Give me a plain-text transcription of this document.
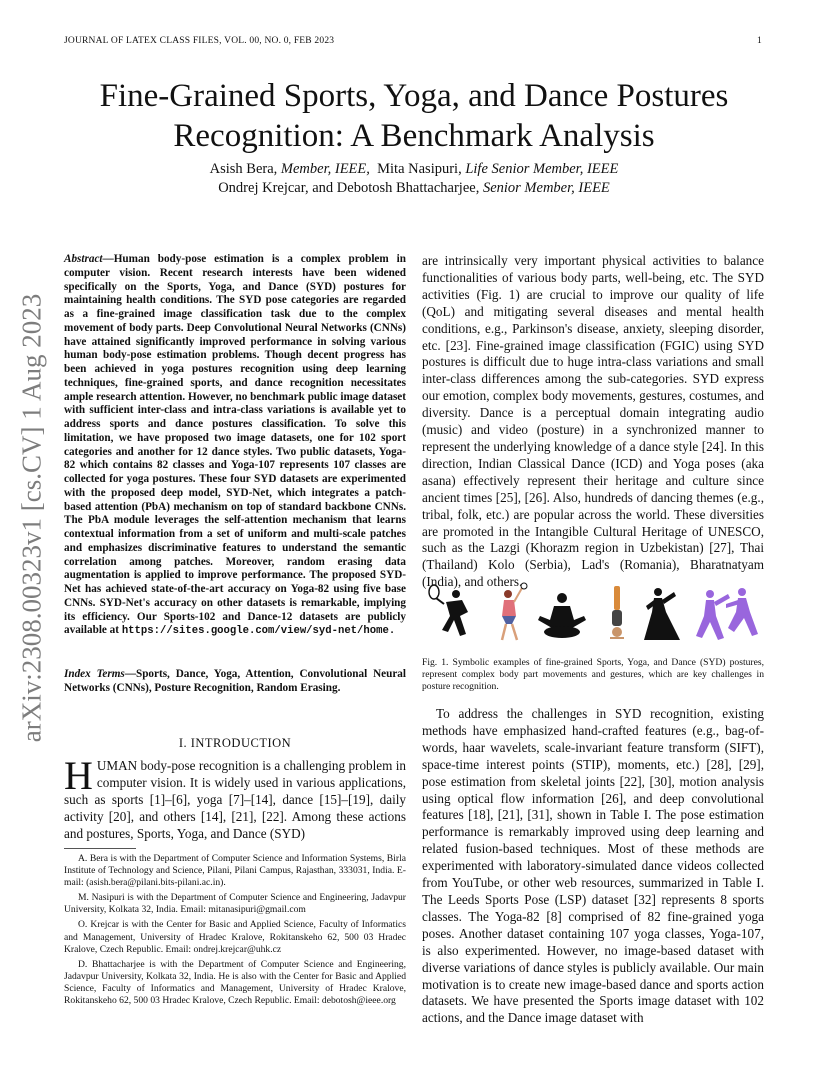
JOURNAL OF LATEX CLASS FILES, VOL. 00, NO. 0, FEB 2023	1
arXiv:2308.00323v1 [cs.CV] 1 Aug 2023
Fine-Grained Sports, Yoga, and Dance Postures Recognition: A Benchmark Analysis
Asish Bera, Member, IEEE, Mita Nasipuri, Life Senior Member, IEEE
Ondrej Krejcar, and Debotosh Bhattacharjee, Senior Member, IEEE
Abstract—Human body-pose estimation is a complex problem in computer vision. Recent research interests have been widened specifically on the Sports, Yoga, and Dance (SYD) postures for maintaining health conditions. The SYD pose categories are regarded as a fine-grained image classification task due to the complex movement of body parts. Deep Convolutional Neural Networks (CNNs) have attained significantly improved performance in solving various human body-pose estimation problems. Though decent progress has been achieved in yoga postures recognition using deep learning techniques, fine-grained sports, and dance recognition necessitates ample research attention. However, no benchmark public image dataset with sufficient inter-class and intra-class variations is available yet to address sports and dance postures classification. To solve this limitation, we have proposed two image datasets, one for 102 sport categories and another for 12 dance styles. Two public datasets, Yoga-82 which contains 82 classes and Yoga-107 represents 107 classes are collected for yoga postures. These four SYD datasets are experimented with the proposed deep model, SYD-Net, which integrates a patch-based attention (PbA) mechanism on top of standard backbone CNNs. The PbA module leverages the self-attention mechanism that learns contextual information from a set of uniform and multi-scale patches and emphasizes discriminative features to understand the semantic correlation among patches. Moreover, random erasing data augmentation is applied to improve performance. The proposed SYD-Net has achieved state-of-the-art accuracy on Yoga-82 using five base CNNs. SYD-Net's accuracy on other datasets is remarkable, implying its efficiency. Our Sports-102 and Dance-12 datasets are publicly available at https://sites.google.com/view/syd-net/home.
Index Terms—Sports, Dance, Yoga, Attention, Convolutional Neural Networks (CNNs), Posture Recognition, Random Erasing.
I. INTRODUCTION
HUMAN body-pose recognition is a challenging problem in computer vision. It is widely used in various applications, such as sports [1]–[6], yoga [7]–[14], dance [15]–[19], daily activity [20], and others [14], [21], [22]. Among these actions and postures, Sports, Yoga, and Dance (SYD)

A. Bera is with the Department of Computer Science and Information Systems, Birla Institute of Technology and Science, Pilani, Pilani Campus, Rajasthan, 333031, India. E-mail: (asish.bera@pilani.bits-pilani.ac.in).

M. Nasipuri is with the Department of Computer Science and Engineering, Jadavpur University, Kolkata 32, India. Email: mitanasipuri@gmail.com

O. Krejcar is with the Center for Basic and Applied Science, Faculty of Informatics and Management, University of Hradec Kralove, Rokitanskeho 62, 500 03 Hradec Kralove, Czech Republic. Email: ondrej.krejcar@uhk.cz

D. Bhattacharjee is with the Department of Computer Science and Engineering, Jadavpur University, Kolkata 32, India. He is also with the Center for Basic and Applied Science, Faculty of Informatics and Management, University of Hradec Kralove, Rokitanskeho 62, 500 03 Hradec Kralove, Czech Republic. Email: debotosh@ieee.org

are intrinsically very important physical activities to balance functionalities of various body parts, well-being, etc. The SYD activities (Fig. 1) are crucial to improve our quality of life (QoL) and mitigating several diseases and mental health conditions, e.g., Parkinson's disease, anxiety, sleeping disorder, etc. [23]. Fine-grained image classification (FGIC) using SYD postures is difficult due to huge intra-class variations and small inter-class differences among the sub-categories. SYD express our emotion, complex body movements, gestures, costumes, and diversity. Dance is a perceptual domain integrating audio (music) and video (posture) in a synchronized manner to represent the underlying knowledge of a dance style [24]. In this direction, Indian Classical Dance (ICD) and Yoga poses (aka asana) effectively represent their heritage and culture since ancient times [25], [26]. Also, hundreds of dancing themes (e.g., tribal, folk, etc.) are popular across the world. These diversities are promoted in the Intangible Cultural Heritage of UNESCO, such as the Lazgi (Khorazm region in Uzbekistan) [27], Thai (Thailand) Kolo (Serbia), Lad's (Romania), Bharatnatyam (India), and others.
Fig. 1. Symbolic examples of fine-grained Sports, Yoga, and Dance (SYD) postures, represent complex body part movements and gestures, which are key challenges in posture recognition.
To address the challenges in SYD recognition, existing methods have emphasized hand-crafted features (e.g., bag-of-words, haar wavelets, scale-invariant feature transform (SIFT), space-time interest points (STIP), moments, etc.) [28], [29], pose estimation from skeletal joints [22], [30], motion analysis using optical flow information [26], and deep convolutional features [18], [21], [31], shown in Table I. The pose estimation performance is remarkably improved using deep learning and related fusion-based techniques. Most of these methods are experimented with laboratory-simulated dance videos collected from YouTube, or other web resources, summarized in Table I. The Leeds Sports Pose (LSP) dataset [32] represents 8 sports classes. The Yoga-82 [8] comprised of 82 fine-grained yoga poses. Another dataset containing 107 yoga classes, Yoga-107, is also experimented. However, no image-based dataset with diverse variations of dance styles is publicly available. Our main motivation is to create new image-based dance and sports action datasets. We have presented the Sports image dataset with 102 actions, and the Dance image dataset with
